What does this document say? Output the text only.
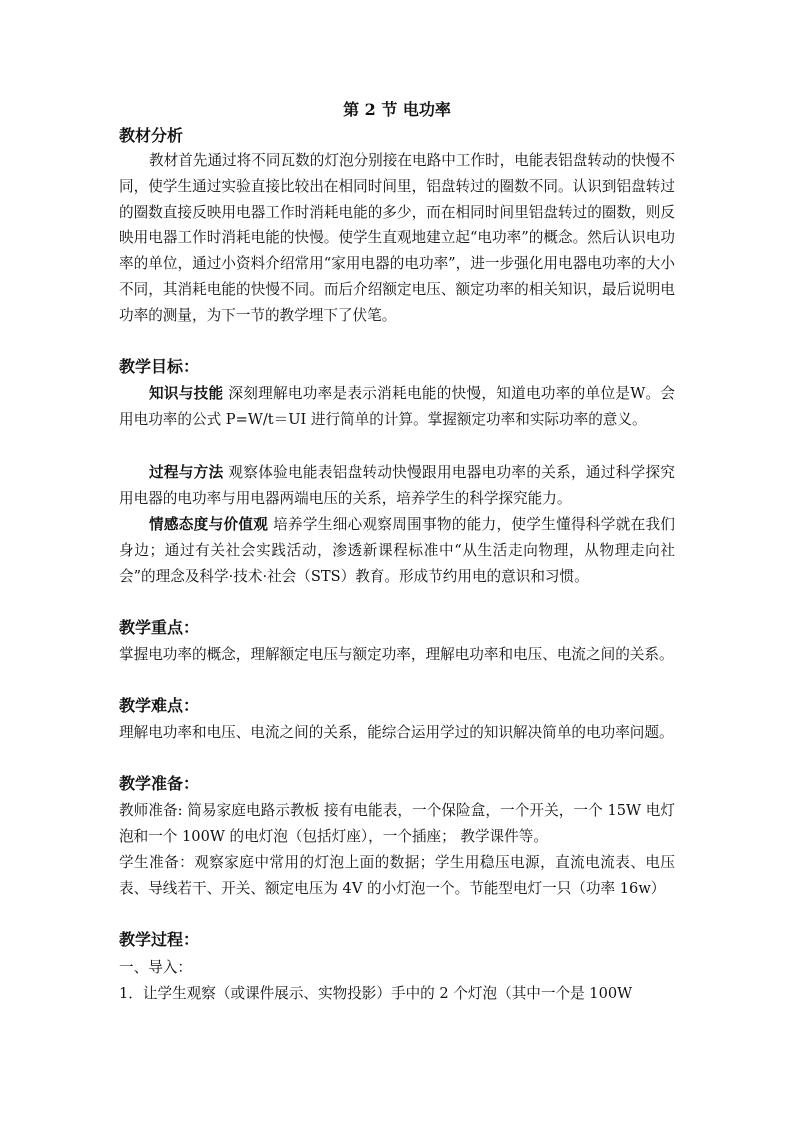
第 2 节 电功率
教材分析

教材首先通过将不同瓦数的灯泡分别接在电路中工作时，电能表铝盘转动的快慢不同，使学生通过实验直接比较出在相同时间里，铝盘转过的圈数不同。认识到铝盘转过的圈数直接反映用电器工作时消耗电能的多少，而在相同时间里铝盘转过的圈数，则反映用电器工作时消耗电能的快慢。使学生直观地建立起“电功率”的概念。然后认识电功率的单位，通过小资料介绍常用“家用电器的电功率”，进一步强化用电器电功率的大小不同，其消耗电能的快慢不同。而后介绍额定电压、额定功率的相关知识，最后说明电功率的测量，为下一节的教学埋下了伏笔。

教学目标：

知识与技能 深刻理解电功率是表示消耗电能的快慢，知道电功率的单位是W。会用电功率的公式 P=W/t＝UI 进行简单的计算。掌握额定功率和实际功率的意义。

过程与方法 观察体验电能表铝盘转动快慢跟用电器电功率的关系，通过科学探究用电器的电功率与用电器两端电压的关系，培养学生的科学探究能力。

情感态度与价值观 培养学生细心观察周围事物的能力，使学生懂得科学就在我们身边；通过有关社会实践活动，渗透新课程标准中“从生活走向物理，从物理走向社会”的理念及科学·技术·社会（STS）教育。形成节约用电的意识和习惯。

教学重点：

掌握电功率的概念，理解额定电压与额定功率，理解电功率和电压、电流之间的关系。

教学难点：

理解电功率和电压、电流之间的关系，能综合运用学过的知识解决简单的电功率问题。

教学准备：

教师准备: 简易家庭电路示教板 接有电能表，一个保险盒，一个开关，一个 15W 电灯泡和一个 100W 的电灯泡（包括灯座），一个插座； 教学课件等。

学生准备：观察家庭中常用的灯泡上面的数据；学生用稳压电源，直流电流表、电压表、导线若干、开关、额定电压为 4V 的小灯泡一个。节能型电灯一只（功率 16w）

教学过程：

一、导入：

1．让学生观察（或课件展示、实物投影）手中的 2 个灯泡（其中一个是 100W
